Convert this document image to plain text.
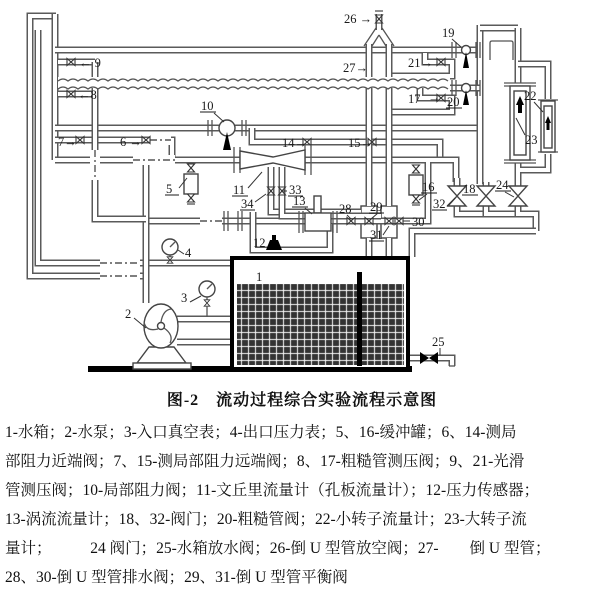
1
2
3
4
5
6 →
7→
←8
← 9
10
11
12
13
14→	15→
16
17 →
18
19
20
21→
22
23
24
25
26 →
27→
28 29
30
31
32
33
34
图-2　流动过程综合实验流程示意图
1-水箱；2-水泵；3-入口真空表；4-出口压力表；5、16-缓冲罐；6、14-测局
部阻力近端阀；7、15-测局部阻力远端阀；8、17-粗糙管测压阀；9、21-光滑
管测压阀；10-局部阻力阀；11-文丘里流量计（孔板流量计）；12-压力传感器；
13-涡流流量计；18、32-阀门；20-粗糙管阀；22-小转子流量计；23-大转子流
量计；　　　24 阀门；25-水箱放水阀；26-倒 U 型管放空阀；27-　　倒 U 型管；
28、30-倒 U 型管排水阀；29、31-倒 U 型管平衡阀
